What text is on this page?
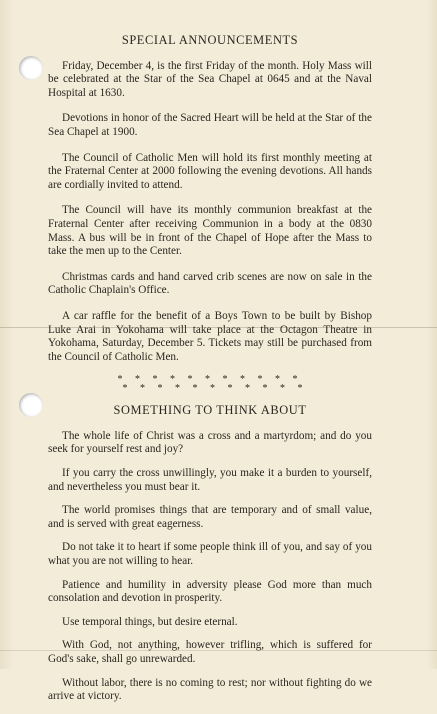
SPECIAL ANNOUNCEMENTS

Friday, December 4, is the first Friday of the month. Holy Mass will be celebrated at the Star of the Sea Chapel at 0645 and at the Naval Hospital at 1630.

Devotions in honor of the Sacred Heart will be held at the Star of the Sea Chapel at 1900.

The Council of Catholic Men will hold its first monthly meeting at the Fraternal Center at 2000 following the evening devotions. All hands are cordially invited to attend.

The Council will have its monthly communion breakfast at the Fraternal Center after receiving Communion in a body at the 0830 Mass. A bus will be in front of the Chapel of Hope after the Mass to take the men up to the Center.

Christmas cards and hand carved crib scenes are now on sale in the Catholic Chaplain's Office.

A car raffle for the benefit of a Boys Town to be built by Bishop Luke Arai in Yokohama will take place at the Octagon Theatre in Yokohama, Saturday, December 5. Tickets may still be purchased from the Council of Catholic Men.

* * * * * * * * * * *
* * * * * * * * * * *
SOMETHING TO THINK ABOUT

The whole life of Christ was a cross and a martyrdom; and do you seek for yourself rest and joy?

If you carry the cross unwillingly, you make it a burden to yourself, and nevertheless you must bear it.

The world promises things that are temporary and of small value, and is served with great eagerness.

Do not take it to heart if some people think ill of you, and say of you what you are not willing to hear.

Patience and humility in adversity please God more than much consolation and devotion in prosperity.

Use temporal things, but desire eternal.

With God, not anything, however trifling, which is suffered for God's sake, shall go unrewarded.

Without labor, there is no coming to rest; nor without fighting do we arrive at victory.
